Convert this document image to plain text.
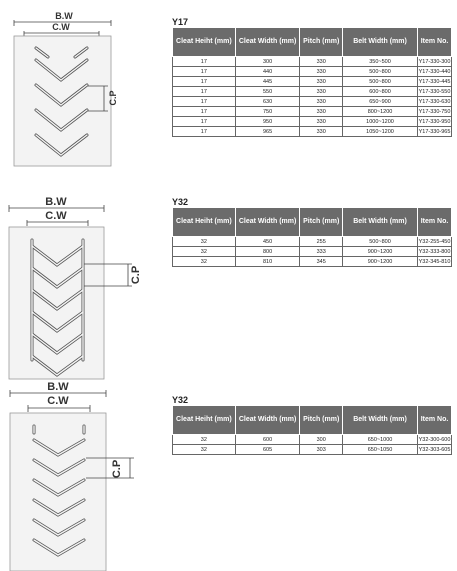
B.W
C.W
C.P
Y17
Cleat Heiht (mm)	Cleat Width (mm)	Pitch (mm)	Belt Width (mm)	Item No.
17	300	330	350~500	Y17-330-300
17	440	330	500~800	Y17-330-440
17	445	330	500~800	Y17-330-445
17	550	330	600~800	Y17-330-550
17	630	330	650~900	Y17-330-630
17	750	330	800~1200	Y17-330-750
17	950	330	1000~1200	Y17-330-950
17	965	330	1050~1200	Y17-330-965
B.W
C.W
C.P
Y32
Cleat Heiht (mm)	Cleat Width (mm)	Pitch (mm)	Belt Width (mm)	Item No.
32	450	255	500~800	Y32-255-450
32	800	333	900~1200	Y32-333-800
32	810	345	900~1200	Y32-345-810
B.W
C.W
C.P
Y32
Cleat Heiht (mm)	Cleat Width (mm)	Pitch (mm)	Belt Width (mm)	Item No.
32	600	300	650~1000	Y32-300-600
32	605	303	650~1050	Y32-303-605
